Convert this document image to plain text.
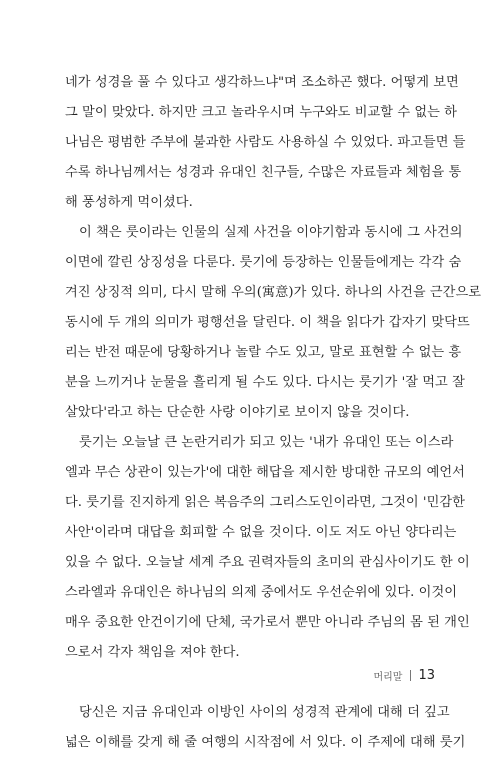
네가 성경을 풀 수 있다고 생각하느냐"며 조소하곤 했다. 어떻게 보면
그 말이 맞았다. 하지만 크고 놀라우시며 누구와도 비교할 수 없는 하
나님은 평범한 주부에 불과한 사람도 사용하실 수 있었다. 파고들면 들
수록 하나님께서는 성경과 유대인 친구들, 수많은 자료들과 체험을 통
해 풍성하게 먹이셨다.
이 책은 룻이라는 인물의 실제 사건을 이야기함과 동시에 그 사건의
이면에 깔린 상징성을 다룬다. 룻기에 등장하는 인물들에게는 각각 숨
겨진 상징적 의미, 다시 말해 우의(寓意)가 있다. 하나의 사건을 근간으로
동시에 두 개의 의미가 평행선을 달린다. 이 책을 읽다가 갑자기 맞닥뜨
리는 반전 때문에 당황하거나 놀랄 수도 있고, 말로 표현할 수 없는 흥
분을 느끼거나 눈물을 흘리게 될 수도 있다. 다시는 룻기가 '잘 먹고 잘
살았다'라고 하는 단순한 사랑 이야기로 보이지 않을 것이다.
룻기는 오늘날 큰 논란거리가 되고 있는 '내가 유대인 또는 이스라
엘과 무슨 상관이 있는가'에 대한 해답을 제시한 방대한 규모의 예언서
다. 룻기를 진지하게 읽은 복음주의 그리스도인이라면, 그것이 '민감한
사안'이라며 대답을 회피할 수 없을 것이다. 이도 저도 아닌 양다리는
있을 수 없다. 오늘날 세계 주요 권력자들의 초미의 관심사이기도 한 이
스라엘과 유대인은 하나님의 의제 중에서도 우선순위에 있다. 이것이
매우 중요한 안건이기에 단체, 국가로서 뿐만 아니라 주님의 몸 된 개인
으로서 각자 책임을 져야 한다.
당신은 지금 유대인과 이방인 사이의 성경적 관계에 대해 더 깊고
넓은 이해를 갖게 해 줄 여행의 시작점에 서 있다. 이 주제에 대해 룻기
머리말 13
